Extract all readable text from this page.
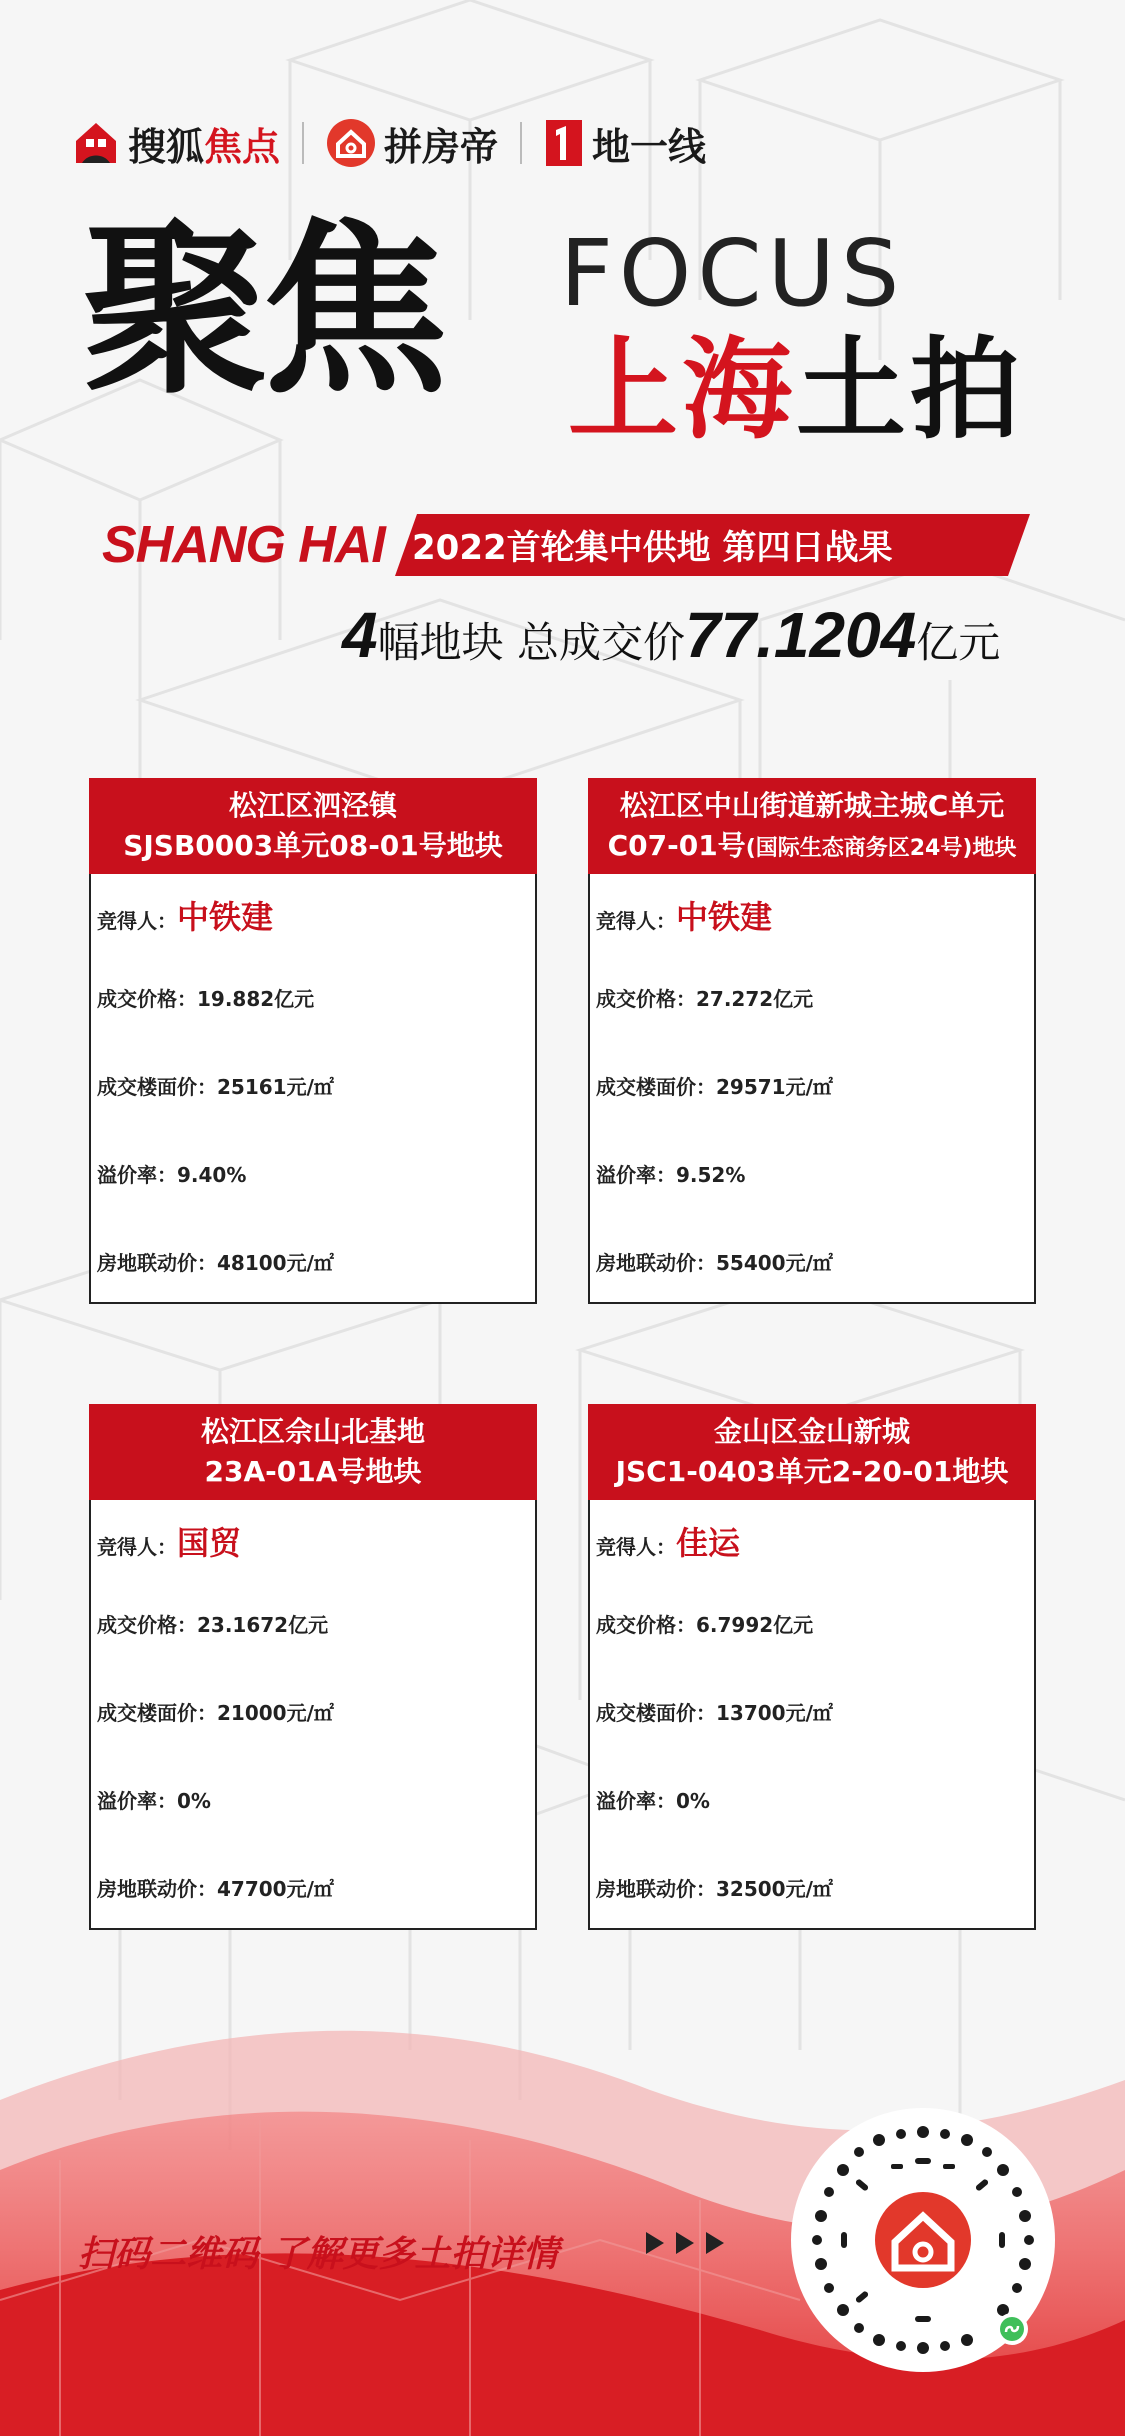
搜狐焦点	拼房帝 地一线
聚焦 FOCUS
上海土拍
SHANG HAI 2022首轮集中供地 第四日战果
4 幅地块 总成交价 77.1204 亿元
松江区泗泾镇
SJSB0003单元08-01号地块
竞得人：中铁建
成交价格：19.882亿元
成交楼面价：25161元/㎡
溢价率：9.40%
房地联动价：48100元/㎡
松江区中山街道新城主城C单元
C07-01号(国际生态商务区24号)地块
竞得人：中铁建
成交价格：27.272亿元
成交楼面价：29571元/㎡
溢价率：9.52%
房地联动价：55400元/㎡
松江区佘山北基地
23A-01A号地块
竞得人：国贸
成交价格：23.1672亿元
成交楼面价：21000元/㎡
溢价率：0%
房地联动价：47700元/㎡
金山区金山新城
JSC1-0403单元2-20-01地块
竞得人：佳运
成交价格：6.7992亿元
成交楼面价：13700元/㎡
溢价率：0%
房地联动价：32500元/㎡
扫码二维码 了解更多土拍详情
